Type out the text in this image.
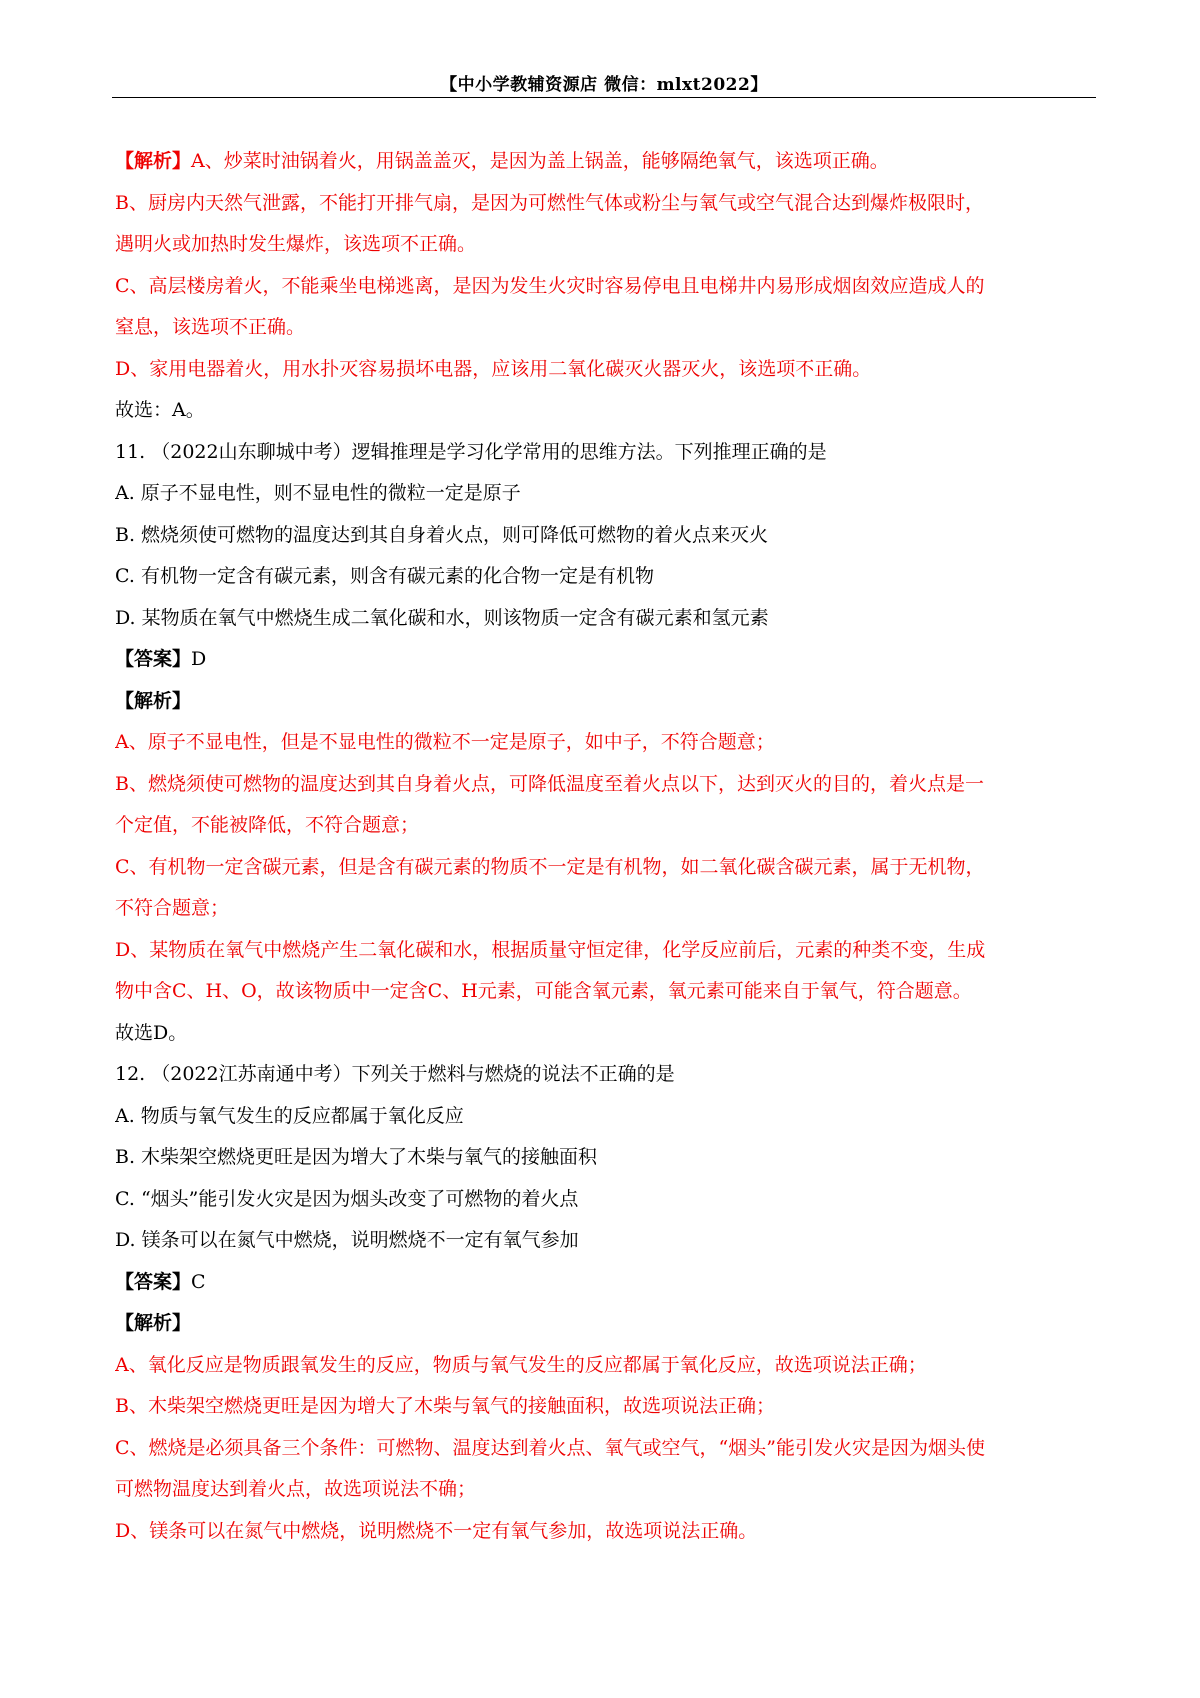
【中小学教辅资源店 微信：mlxt2022】
【解析】A、炒菜时油锅着火，用锅盖盖灭，是因为盖上锅盖，能够隔绝氧气，该选项正确。
B、厨房内天然气泄露，不能打开排气扇，是因为可燃性气体或粉尘与氧气或空气混合达到爆炸极限时，
遇明火或加热时发生爆炸，该选项不正确。
C、高层楼房着火，不能乘坐电梯逃离，是因为发生火灾时容易停电且电梯井内易形成烟囱效应造成人的
窒息，该选项不正确。
D、家用电器着火，用水扑灭容易损坏电器，应该用二氧化碳灭火器灭火，该选项不正确。
故选：A。
11. （2022山东聊城中考）逻辑推理是学习化学常用的思维方法。下列推理正确的是
A. 原子不显电性，则不显电性的微粒一定是原子
B. 燃烧须使可燃物的温度达到其自身着火点，则可降低可燃物的着火点来灭火
C. 有机物一定含有碳元素，则含有碳元素的化合物一定是有机物
D. 某物质在氧气中燃烧生成二氧化碳和水，则该物质一定含有碳元素和氢元素
【答案】D
【解析】
A、原子不显电性，但是不显电性的微粒不一定是原子，如中子，不符合题意；
B、燃烧须使可燃物的温度达到其自身着火点，可降低温度至着火点以下，达到灭火的目的，着火点是一
个定值，不能被降低，不符合题意；
C、有机物一定含碳元素，但是含有碳元素的物质不一定是有机物，如二氧化碳含碳元素，属于无机物，
不符合题意；
D、某物质在氧气中燃烧产生二氧化碳和水，根据质量守恒定律，化学反应前后，元素的种类不变，生成
物中含C、H、O，故该物质中一定含C、H元素，可能含氧元素，氧元素可能来自于氧气，符合题意。
故选D。
12. （2022江苏南通中考）下列关于燃料与燃烧的说法不正确的是
A. 物质与氧气发生的反应都属于氧化反应
B. 木柴架空燃烧更旺是因为增大了木柴与氧气的接触面积
C. “烟头”能引发火灾是因为烟头改变了可燃物的着火点
D. 镁条可以在氮气中燃烧，说明燃烧不一定有氧气参加
【答案】C
【解析】
A、氧化反应是物质跟氧发生的反应，物质与氧气发生的反应都属于氧化反应，故选项说法正确；
B、木柴架空燃烧更旺是因为增大了木柴与氧气的接触面积，故选项说法正确；
C、燃烧是必须具备三个条件：可燃物、温度达到着火点、氧气或空气，“烟头”能引发火灾是因为烟头使
可燃物温度达到着火点，故选项说法不确；
D、镁条可以在氮气中燃烧，说明燃烧不一定有氧气参加，故选项说法正确。
